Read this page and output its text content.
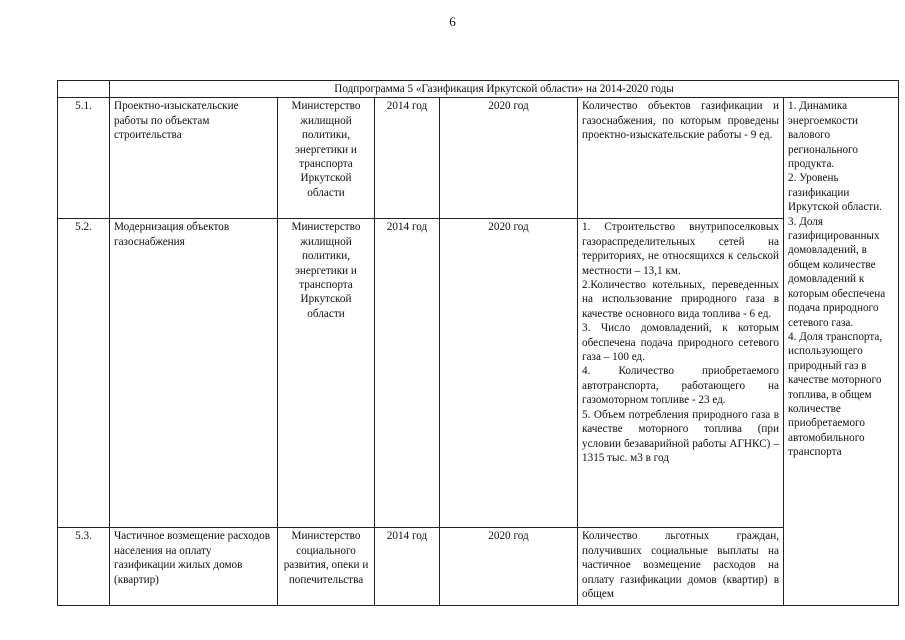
6
	Подпрограмма 5 «Газификация Иркутской области» на 2014-2020 годы					
5.1.	Проектно-изыскательские работы по объектам строительства	Министерство жилищной политики, энергетики и транспорта Иркутской области	2014 год	2020 год	Количество объектов газификации и газоснабжения, по которым проведены проектно-изыскательские работы - 9 ед.	1. Динамика энергоемкости валового регионального продукта.
2. Уровень газификации Иркутской области.
3. Доля газифицированных домовладений, в общем количестве домовладений к которым обеспечена подача природного сетевого газа.
4. Доля транспорта, использующего природный газ в качестве моторного топлива, в общем количестве приобретаемого автомобильного транспорта

5.2.	Модернизация объектов газоснабжения	Министерство жилищной политики, энергетики и транспорта Иркутской области	2014 год	2020 год	1. Строительство внутрипоселковых газораспределительных сетей на территориях, не относящихся к сельской местности – 13,1 км.
2.Количество котельных, переведенных на использование природного газа в качестве основного вида топлива - 6 ед.
3. Число домовладений, к которым обеспечена подача природного сетевого газа – 100 ед.
4. Количество приобретаемого автотранспорта, работающего на газомоторном топливе - 23 ед.
5. Объем потребления природного газа в качестве моторного топлива (при условии безаварийной работы АГНКС) – 1315 тыс. м3 в год	

5.3.	Частичное возмещение расходов населения на оплату газификации жилых домов (квартир)	Министерство социального развития, опеки и попечительства	2014 год	2020 год	Количество льготных граждан, получивших социальные выплаты на частичное возмещение расходов на оплату газификации домов (квартир) в общем	
